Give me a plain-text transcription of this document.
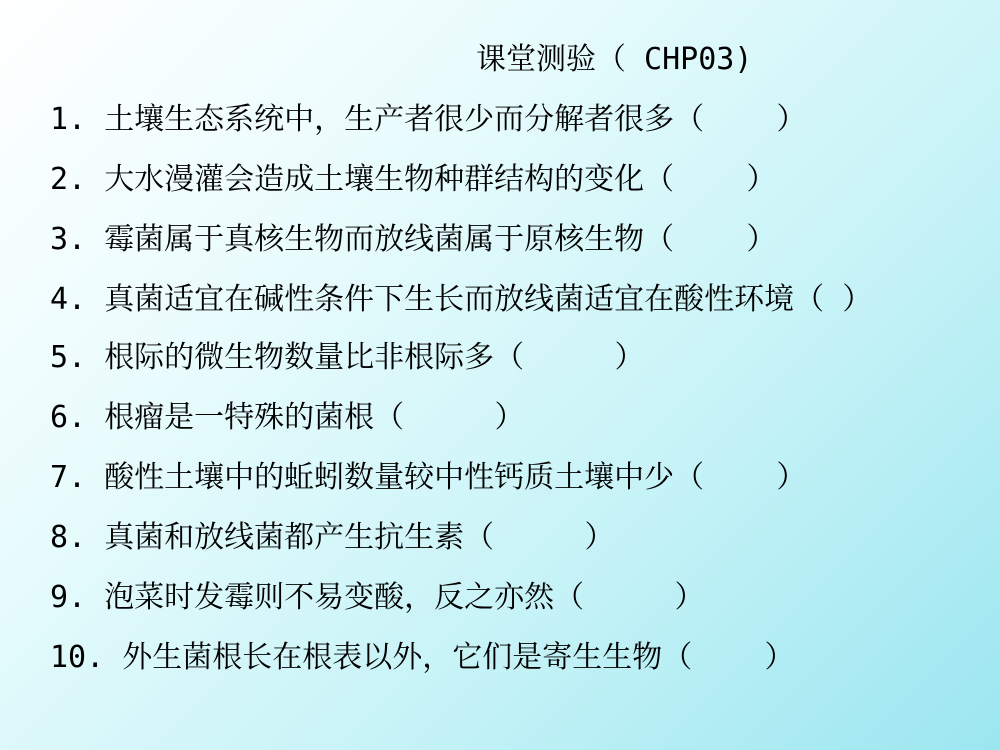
课堂测验（ CHP03)
1. 土壤生态系统中，生产者很少而分解者很多（    ）
2. 大水漫灌会造成土壤生物种群结构的变化（    ）
3. 霉菌属于真核生物而放线菌属于原核生物（    ）
4. 真菌适宜在碱性条件下生长而放线菌适宜在酸性环境（ ）
5. 根际的微生物数量比非根际多（     ）
6. 根瘤是一特殊的菌根（     ）
7. 酸性土壤中的蚯蚓数量较中性钙质土壤中少（    ）
8. 真菌和放线菌都产生抗生素（     ）
9. 泡菜时发霉则不易变酸，反之亦然（     ）
10. 外生菌根长在根表以外，它们是寄生生物（    ）
